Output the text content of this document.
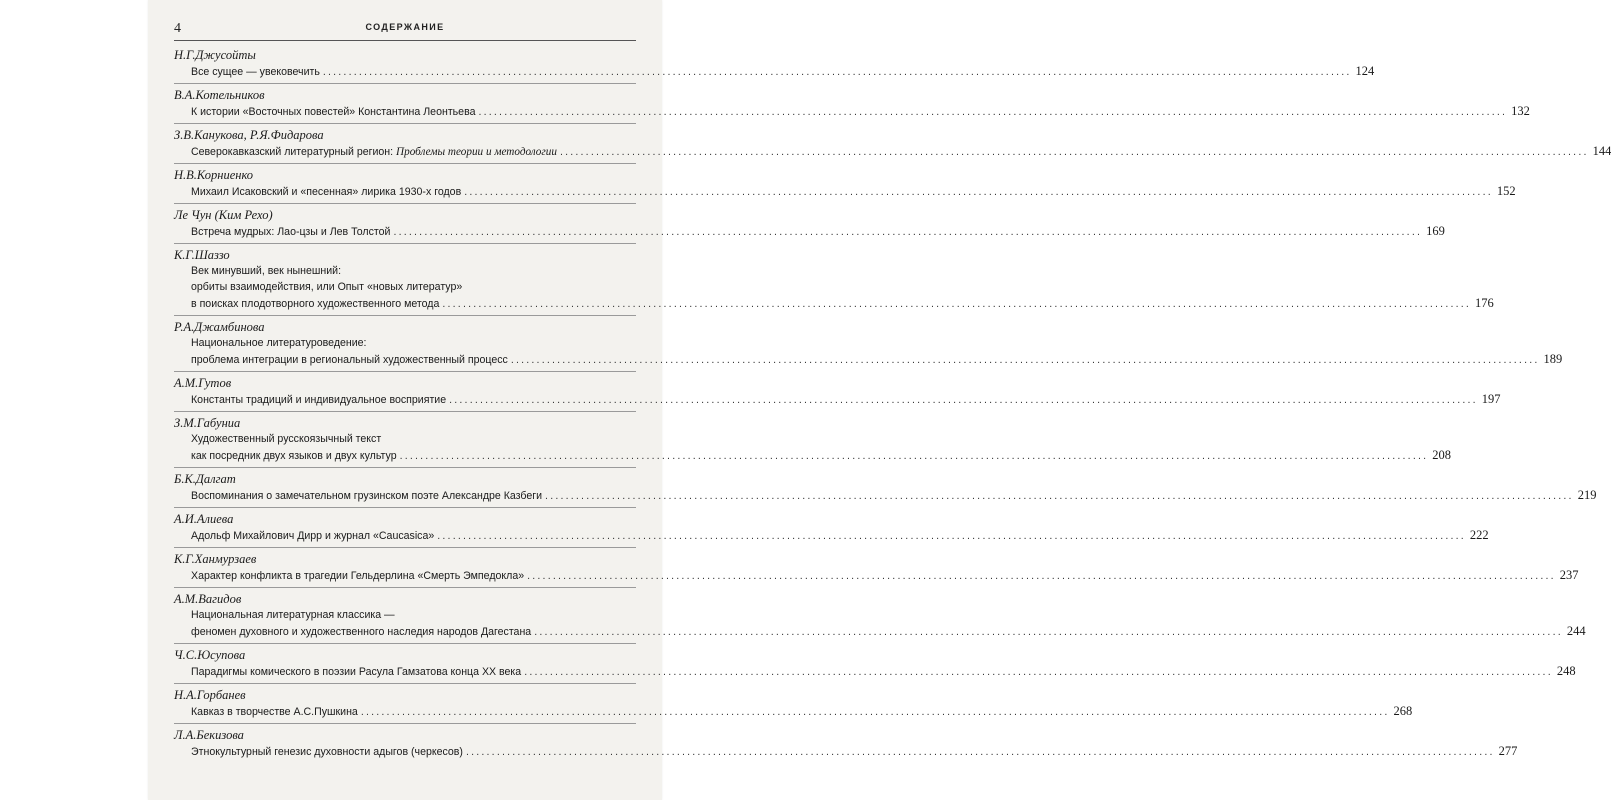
4	СОДЕРЖАНИЕ
Н.Г.Джусойты
Все сущее — увековечить ........................................................................................................................................................................................................ 124
В.А.Котельников
К истории «Восточных повестей» Константина Леонтьева ........................................................................................................................................................................................................ 132
З.В.Канукова, Р.Я.Фидарова
Северокавказский литературный регион: Проблемы теории и методологии ........................................................................................................................................................................................................ 144
Н.В.Корниенко
Михаил Исаковский и «песенная» лирика 1930-х годов ........................................................................................................................................................................................................ 152
Ле Чун (Ким Рехо)
Встреча мудрых: Лао-цзы и Лев Толстой ........................................................................................................................................................................................................ 169
К.Г.Шаззо
Век минувший, век нынешний:
орбиты взаимодействия, или Опыт «новых литератур»
в поисках плодотворного художественного метода ........................................................................................................................................................................................................ 176
Р.А.Джамбинова
Национальное литературоведение:
проблема интеграции в региональный художественный процесс ........................................................................................................................................................................................................ 189
А.М.Гутов
Константы традиций и индивидуальное восприятие ........................................................................................................................................................................................................ 197
З.М.Габуниа
Художественный русскоязычный текст
как посредник двух языков и двух культур ........................................................................................................................................................................................................ 208
Б.К.Далгат
Воспоминания о замечательном грузинском поэте Александре Казбеги ........................................................................................................................................................................................................ 219
А.И.Алиева
Адольф Михайлович Дирр и журнал «Caucasica» ........................................................................................................................................................................................................ 222
К.Г.Ханмурзаев
Характер конфликта в трагедии Гельдерлина «Смерть Эмпедокла» ........................................................................................................................................................................................................ 237
А.М.Вагидов
Национальная литературная классика —
феномен духовного и художественного наследия народов Дагестана ........................................................................................................................................................................................................ 244
Ч.С.Юсупова
Парадигмы комического в поэзии Расула Гамзатова конца XX века ........................................................................................................................................................................................................ 248
Н.А.Горбанев
Кавказ в творчестве А.С.Пушкина ........................................................................................................................................................................................................ 268
Л.А.Бекизова
Этнокультурный генезис духовности адыгов (черкесов) ........................................................................................................................................................................................................ 277
